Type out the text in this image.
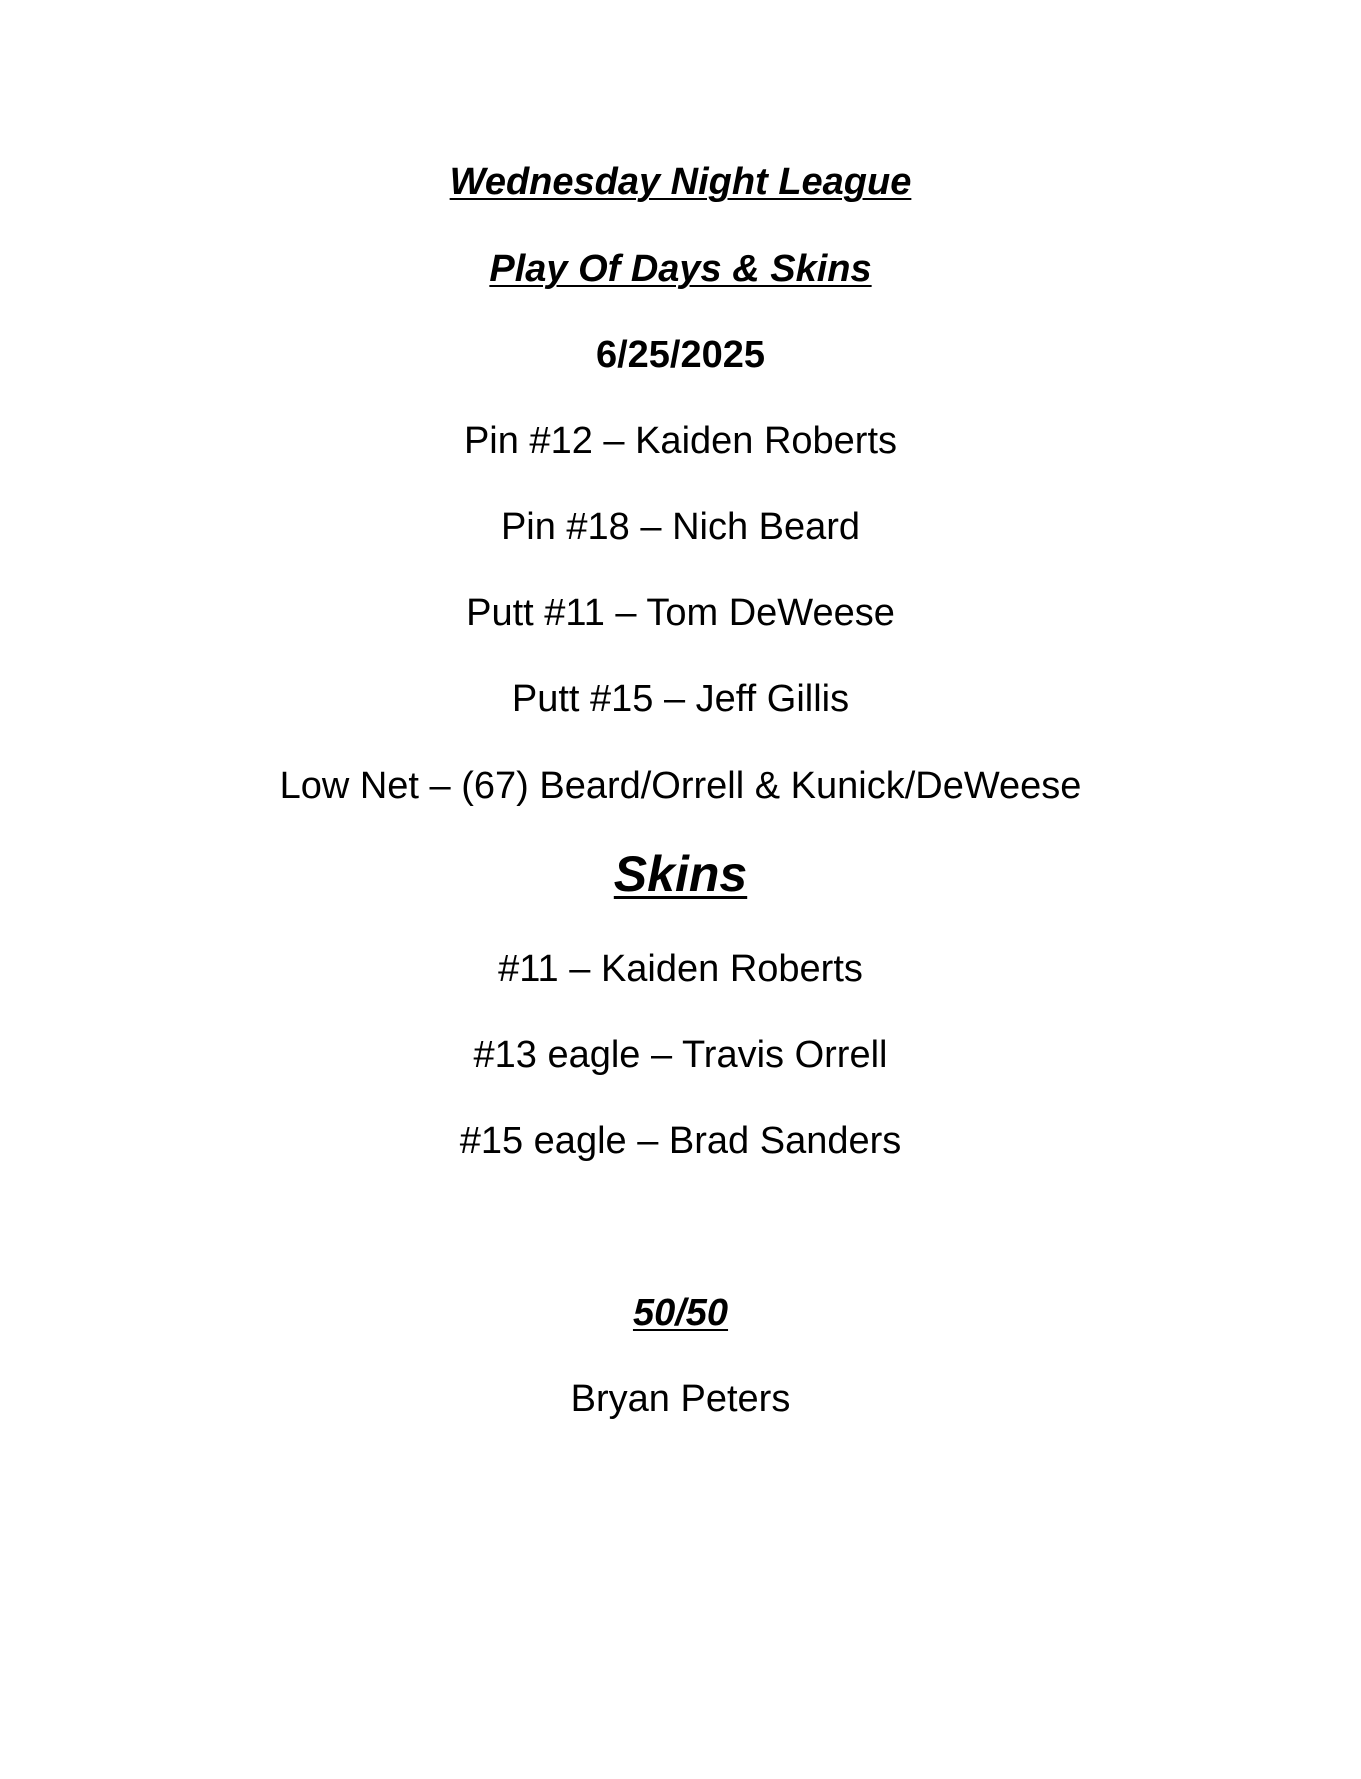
Wednesday Night League
Play Of Days & Skins
6/25/2025
Pin #12 – Kaiden Roberts
Pin #18 – Nich Beard
Putt #11 – Tom DeWeese
Putt #15 – Jeff Gillis
Low Net – (67) Beard/Orrell & Kunick/DeWeese
Skins
#11 – Kaiden Roberts
#13 eagle – Travis Orrell
#15 eagle – Brad Sanders
50/50
Bryan Peters
